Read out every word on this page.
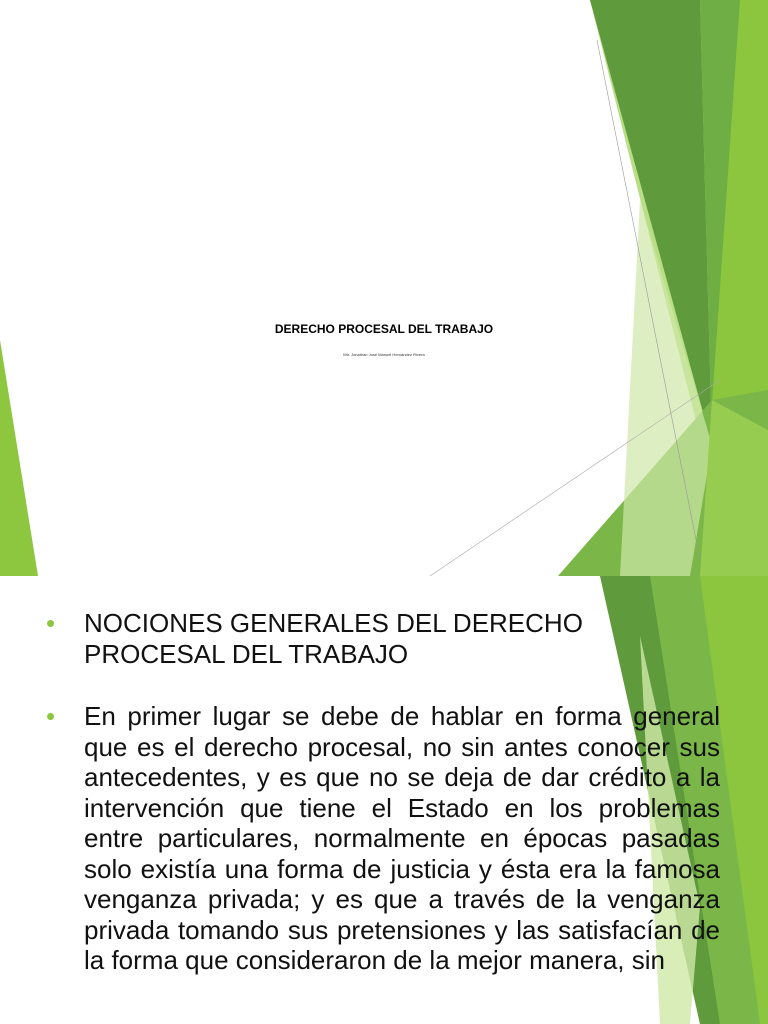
DERECHO PROCESAL DEL TRABAJO
Mtr. Jonathan José Manuel Hernández Rivera
• NOCIONES GENERALES DEL DERECHO PROCESAL DEL TRABAJO
• En primer lugar se debe de hablar en forma general que es el derecho procesal, no sin antes conocer sus antecedentes, y es que no se deja de dar crédito a la intervención que tiene el Estado en los problemas entre particulares, normalmente en épocas pasadas solo existía una forma de justicia y ésta era la famosa venganza privada; y es que a través de la venganza privada tomando sus pretensiones y las satisfacían de la forma que consideraron de la mejor manera, sin
